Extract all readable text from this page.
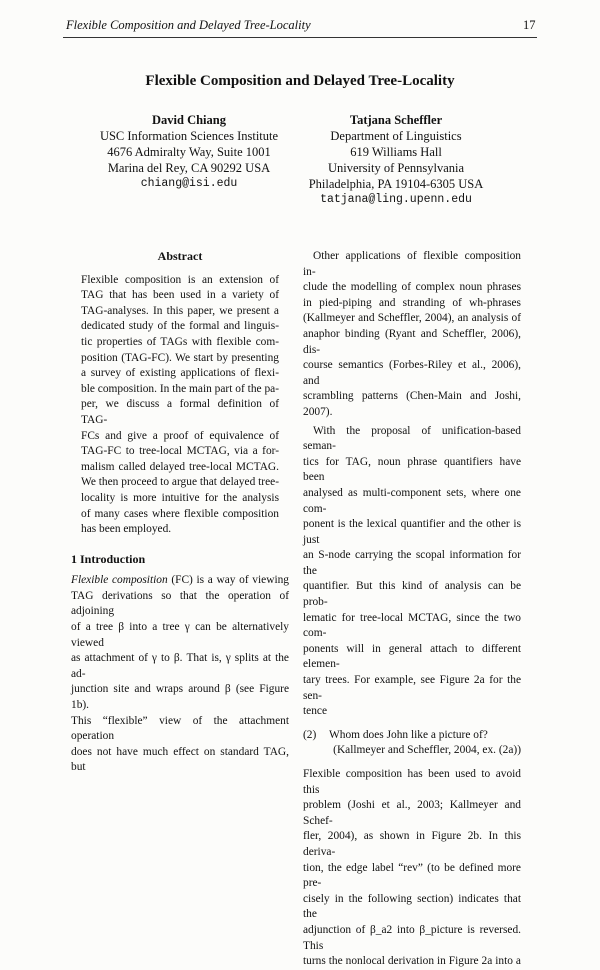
Flexible Composition and Delayed Tree-Locality	17
Flexible Composition and Delayed Tree-Locality
David Chiang
USC Information Sciences Institute
4676 Admiralty Way, Suite 1001
Marina del Rey, CA 90292 USA
chiang@isi.edu
Tatjana Scheffler
Department of Linguistics
619 Williams Hall
University of Pennsylvania
Philadelphia, PA 19104-6305 USA
tatjana@ling.upenn.edu
Abstract
Flexible composition is an extension of
TAG that has been used in a variety of
TAG-analyses. In this paper, we present a
dedicated study of the formal and linguis-
tic properties of TAGs with flexible com-
position (TAG-FC). We start by presenting
a survey of existing applications of flexi-
ble composition. In the main part of the pa-
per, we discuss a formal definition of TAG-
FCs and give a proof of equivalence of
TAG-FC to tree-local MCTAG, via a for-
malism called delayed tree-local MCTAG.
We then proceed to argue that delayed tree-
locality is more intuitive for the analysis
of many cases where flexible composition
has been employed.
1 Introduction
Flexible composition (FC) is a way of viewing
TAG derivations so that the operation of adjoining
of a tree β into a tree γ can be alternatively viewed
as attachment of γ to β. That is, γ splits at the ad-
junction site and wraps around β (see Figure 1b).
This “flexible” view of the attachment operation
does not have much effect on standard TAG, but
Other applications of flexible composition in-
clude the modelling of complex noun phrases
in pied-piping and stranding of wh-phrases
(Kallmeyer and Scheffler, 2004), an analysis of
anaphor binding (Ryant and Scheffler, 2006), dis-
course semantics (Forbes-Riley et al., 2006), and
scrambling patterns (Chen-Main and Joshi, 2007).
With the proposal of unification-based seman-
tics for TAG, noun phrase quantifiers have been
analysed as multi-component sets, where one com-
ponent is the lexical quantifier and the other is just
an S-node carrying the scopal information for the
quantifier. But this kind of analysis can be prob-
lematic for tree-local MCTAG, since the two com-
ponents will in general attach to different elemen-
tary trees. For example, see Figure 2a for the sen-
tence
(2)	Whom does John like a picture of?
(Kallmeyer and Scheffler, 2004, ex. (2a))
Flexible composition has been used to avoid this
problem (Joshi et al., 2003; Kallmeyer and Schef-
fler, 2004), as shown in Figure 2b. In this deriva-
tion, the edge label “rev” (to be defined more pre-
cisely in the following section) indicates that the
adjunction of β_a2 into β_picture is reversed. This
turns the nonlocal derivation in Figure 2a into a
